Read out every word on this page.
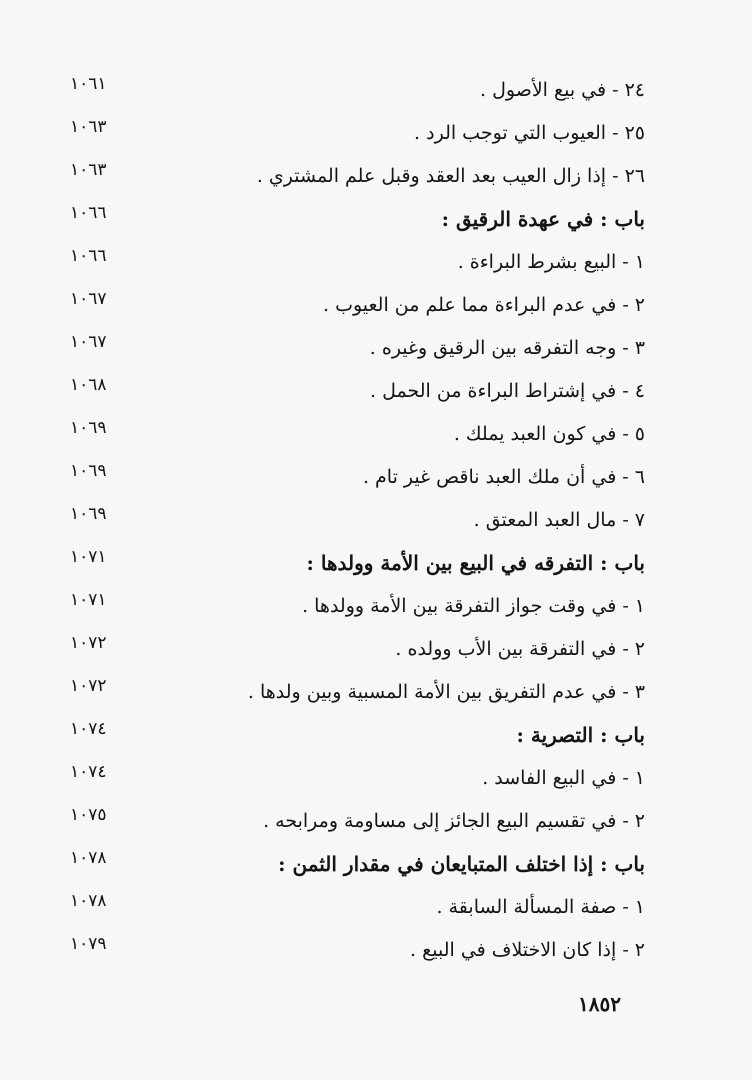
١٠٦١	٢٤ - في بيع الأصول .
١٠٦٣	٢٥ - العيوب التي توجب الرد .
١٠٦٣	٢٦ - إذا زال العيب بعد العقد وقبل علم المشتري .
١٠٦٦	باب : في عهدة الرقيق :
١٠٦٦	١ - البيع بشرط البراءة .
١٠٦٧	٢ - في عدم البراءة مما علم من العيوب .
١٠٦٧	٣ - وجه التفرقه بين الرقيق وغيره .
١٠٦٨	٤ - في إشتراط البراءة من الحمل .
١٠٦٩	٥ - في كون العبد يملك .
١٠٦٩	٦ - في أن ملك العبد ناقص غير تام .
١٠٦٩	٧ - مال العبد المعتق .
١٠٧١	باب : التفرقه في البيع بين الأمة وولدها :
١٠٧١	١ - في وقت جواز التفرقة بين الأمة وولدها .
١٠٧٢	٢ - في التفرقة بين الأب وولده .
١٠٧٢	٣ - في عدم التفريق بين الأمة المسبية وبين ولدها .
١٠٧٤	باب : التصرية :
١٠٧٤	١ - في البيع الفاسد .
١٠٧٥	٢ - في تقسيم البيع الجائز إلى مساومة ومرابحه .
١٠٧٨	باب : إذا اختلف المتبايعان في مقدار الثمن :
١٠٧٨	١ - صفة المسألة السابقة .
١٠٧٩	٢ - إذا كان الاختلاف في البيع .
١٨٥٢
